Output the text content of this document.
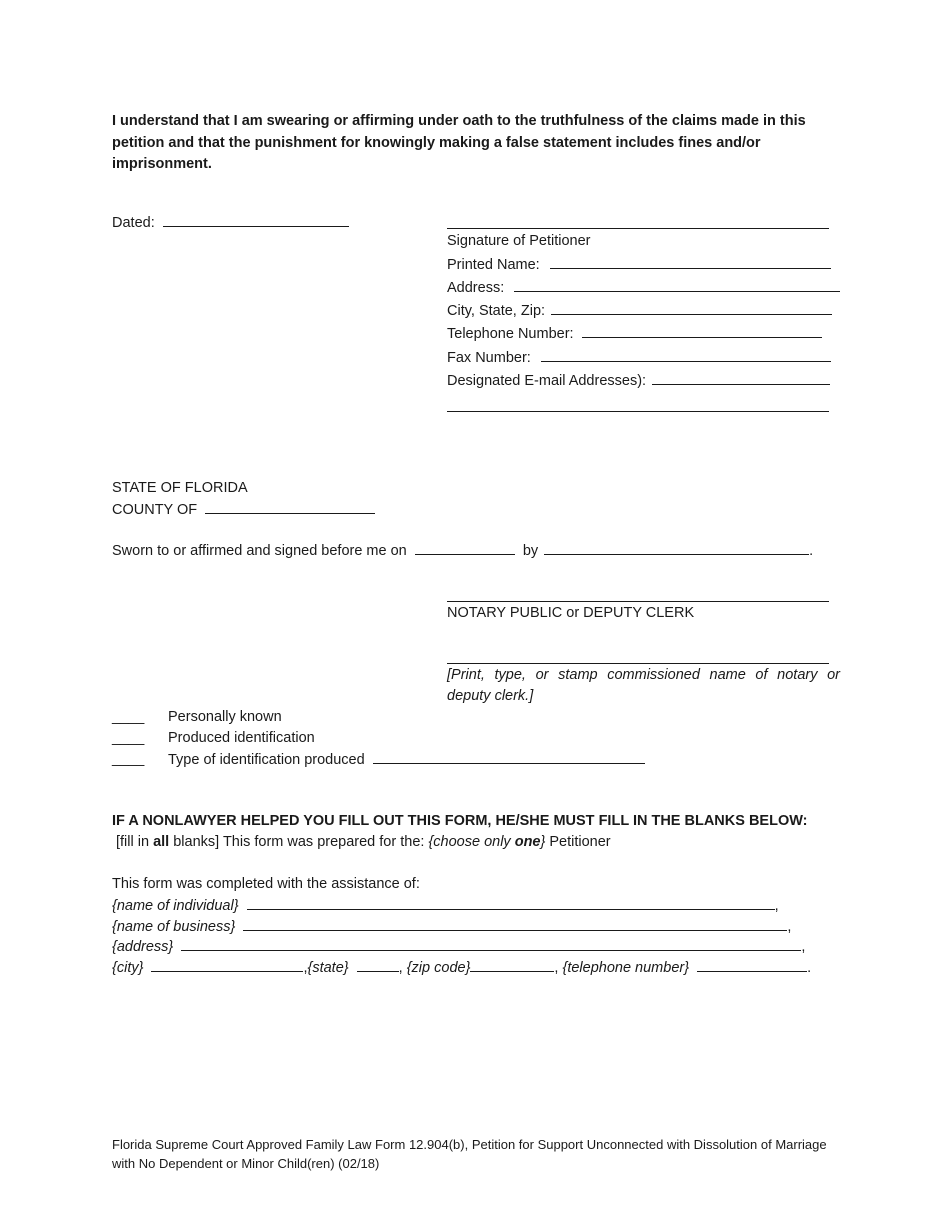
I understand that I am swearing or affirming under oath to the truthfulness of the claims made in this petition and that the punishment for knowingly making a false statement includes fines and/or imprisonment.
Dated:
Signature of Petitioner
Printed Name:
Address:
City, State, Zip:
Telephone Number:
Fax Number:
Designated E-mail Addresses):
STATE OF FLORIDA
COUNTY OF
Sworn to or affirmed and signed before me on	by	.
NOTARY PUBLIC or DEPUTY CLERK
[Print, type, or stamp commissioned name of notary or deputy clerk.]
____ Personally known
____ Produced identification
____ Type of identification produced
IF A NONLAWYER HELPED YOU FILL OUT THIS FORM, HE/SHE MUST FILL IN THE BLANKS BELOW:
[fill in all blanks] This form was prepared for the: {choose only one} Petitioner
This form was completed with the assistance of:
{name of individual}	,
{name of business}	,
{address}	,
{city}	,{state}	, {zip code}	, {telephone number}	.
Florida Supreme Court Approved Family Law Form 12.904(b), Petition for Support Unconnected with Dissolution of Marriage with No Dependent or Minor Child(ren) (02/18)
